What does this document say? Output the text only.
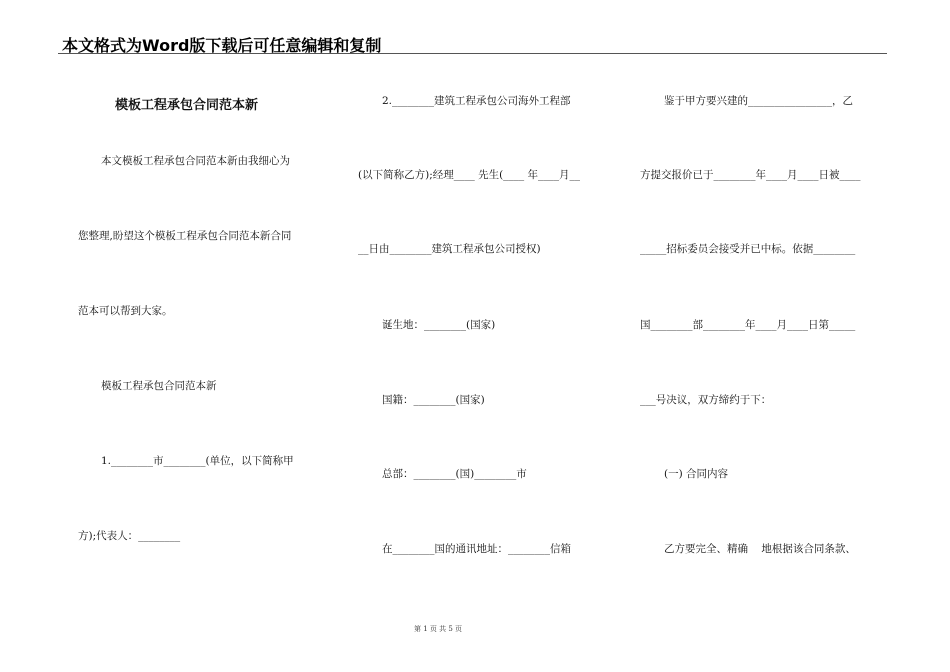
本文格式为Word版下载后可任意编辑和复制
模板工程承包合同范本新
本文模板工程承包合同范本新由我细心为
您整理,盼望这个模板工程承包合同范本新合同
范本可以帮到大家。
模板工程承包合同范本新
1.________市________(单位，以下简称甲
方);代表人：________
2.________建筑工程承包公司海外工程部
(以下简称乙方);经理____ 先生(____ 年____月__
__日由________建筑工程承包公司授权)
诞生地：________(国家)
国籍：________(国家)
总部：________(国)________市
在________国的通讯地址：________信箱
鉴于甲方要兴建的________________，乙
方提交报价已于________年____月____日被____
_____招标委员会接受并已中标。依据________
国________部________年____月____日第_____
___号决议，双方缔约于下：
(一) 合同内容
乙方要完全、精确    地根据该合同条款、
第 1 页 共 5 页
